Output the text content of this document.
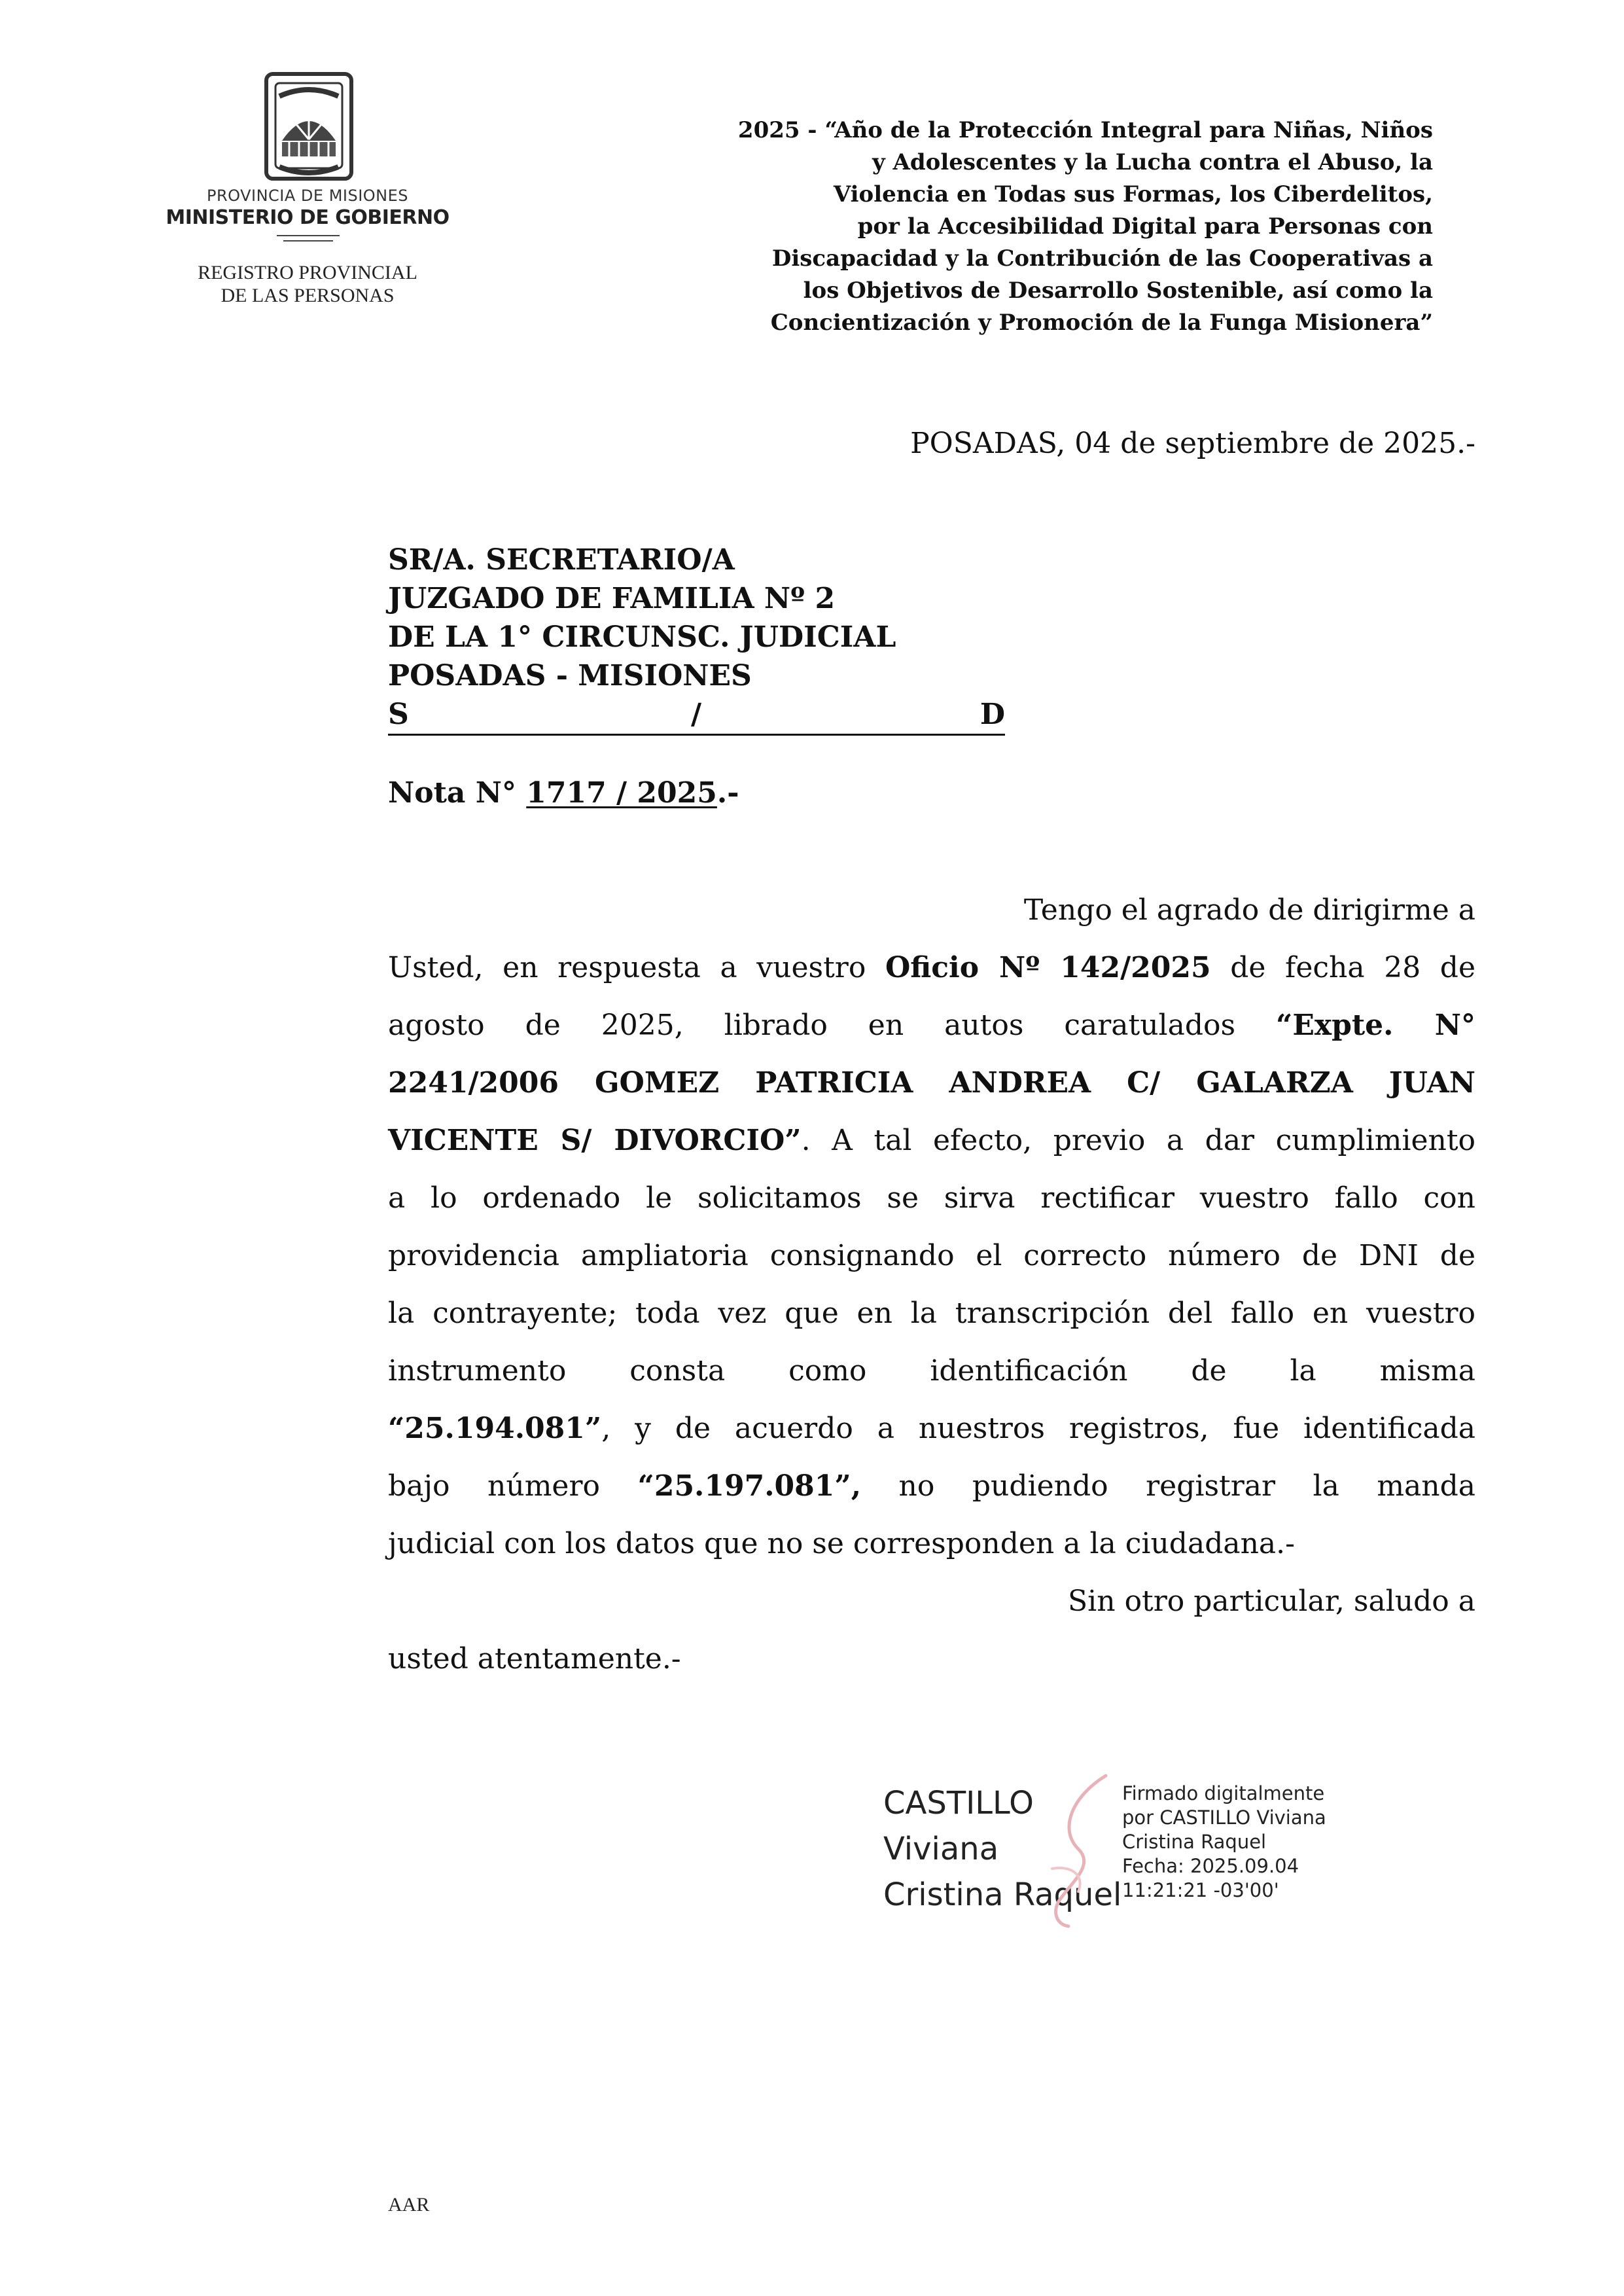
PROVINCIA DE MISIONES
MINISTERIO DE GOBIERNO
REGISTRO PROVINCIAL
DE LAS PERSONAS
2025 - “Año de la Protección Integral para Niñas, Niños
y Adolescentes y la Lucha contra el Abuso, la
Violencia en Todas sus Formas, los Ciberdelitos,
por la Accesibilidad Digital para Personas con
Discapacidad y la Contribución de las Cooperativas a
los Objetivos de Desarrollo Sostenible, así como la
Concientización y Promoción de la Funga Misionera”
POSADAS, 04 de septiembre de 2025.-
SR/A. SECRETARIO/A
JUZGADO DE FAMILIA Nº 2
DE LA 1° CIRCUNSC. JUDICIAL
POSADAS - MISIONES
S	/	D
Nota N° 1717 / 2025.-
Tengo el agrado de dirigirme a
Usted, en respuesta a vuestro Oficio Nº 142/2025 de fecha 28 de
agosto de 2025, librado en autos caratulados “Expte. N°
2241/2006 GOMEZ PATRICIA ANDREA C/ GALARZA JUAN
VICENTE S/ DIVORCIO”. A tal efecto, previo a dar cumplimiento
a lo ordenado le solicitamos se sirva rectificar vuestro fallo con
providencia ampliatoria consignando el correcto número de DNI de
la contrayente; toda vez que en la transcripción del fallo en vuestro
instrumento consta como identificación de la misma
“25.194.081”, y de acuerdo a nuestros registros, fue identificada
bajo número “25.197.081”, no pudiendo registrar la manda
judicial con los datos que no se corresponden a la ciudadana.-
Sin otro particular, saludo a
usted atentamente.-
CASTILLO
Viviana
Cristina Raquel
Firmado digitalmente
por CASTILLO Viviana
Cristina Raquel
Fecha: 2025.09.04
11:21:21 -03'00'
AAR
